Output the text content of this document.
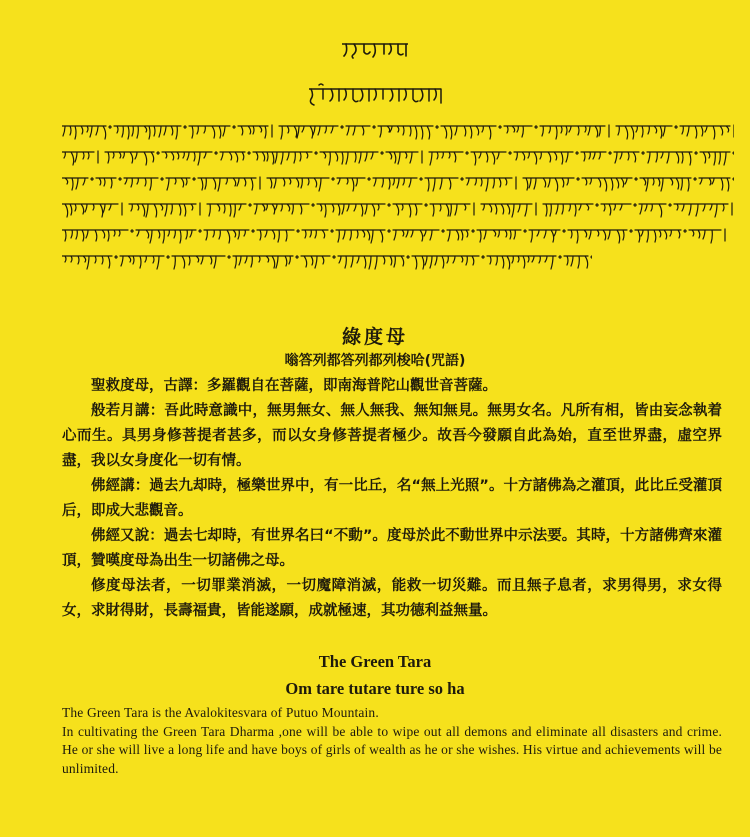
綠度母
嗡答列都答列都列梭哈(咒語)

聖救度母，古譯：多羅觀自在菩薩，即南海普陀山觀世音菩薩。

般若月講：吾此時意識中，無男無女、無人無我、無知無見。無男女名。凡所有相，皆由妄念執着心而生。具男身修菩提者甚多，而以女身修菩提者極少。故吾今發願自此為始，直至世界盡，虛空界盡，我以女身度化一切有情。

佛經講：過去九却時，極樂世界中，有一比丘，名“無上光照”。十方諸佛為之灌頂，此比丘受灌頂后，即成大悲觀音。

佛經又說：過去七却時，有世界名曰“不動”。度母於此不動世界中示法要。其時，十方諸佛齊來灌頂，贊嘆度母為出生一切諸佛之母。

修度母法者，一切罪業消滅，一切魔障消滅，能救一切災難。而且無子息者，求男得男，求女得女，求財得財，長壽福貴，皆能遂願，成就極速，其功德利益無量。

The Green Tara
Om tare tutare ture so ha

The Green Tara is the Avalokitesvara of Putuo Mountain.

In cultivating the Green Tara Dharma ,one will be able to wipe out all demons and eliminate all disasters and crime. He or she will live a long life and have boys of girls of wealth as he or she wishes. His virtue and achievements will be unlimited.
